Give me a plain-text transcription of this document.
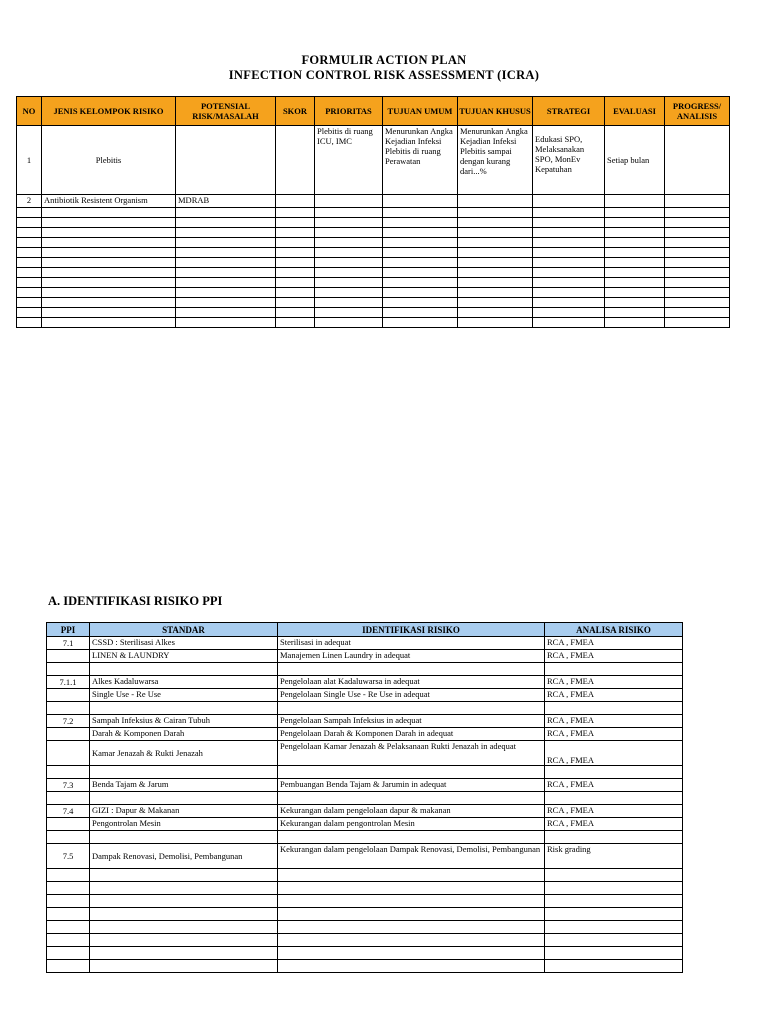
FORMULIR ACTION PLAN
INFECTION CONTROL RISK ASSESSMENT (ICRA)
NO	JENIS KELOMPOK RISIKO	POTENSIAL RISK/MASALAH	SKOR	PRIORITAS	TUJUAN UMUM	TUJUAN KHUSUS	STRATEGI	EVALUASI	PROGRESS/ ANALISIS
1	Plebitis			Plebitis di ruang ICU, IMC	Menurunkan Angka Kejadian Infeksi Plebitis di ruang Perawatan	Menurunkan Angka Kejadian Infeksi Plebitis sampai dengan kurang dari...%	Edukasi SPO, Melaksanakan SPO, MonEv Kepatuhan	Setiap bulan	
2	Antibiotik Resistent Organism	MDRAB							

A. IDENTIFIKASI RISIKO PPI
PPI	STANDAR	IDENTIFIKASI RISIKO	ANALISA RISIKO
7.1	CSSD : Sterilisasi Alkes	Sterilisasi in adequat	RCA , FMEA
	LINEN & LAUNDRY	Manajemen Linen Laundry in adequat	RCA , FMEA

7.1.1	Alkes Kadaluwarsa	Pengelolaan alat Kadaluwarsa in adequat	RCA , FMEA
	Single Use - Re Use	Pengelolaan Single Use - Re Use in adequat	RCA , FMEA

7.2	Sampah Infeksius & Cairan Tubuh	Pengelolaan Sampah Infeksius in adequat	RCA , FMEA
	Darah & Komponen Darah	Pengelolaan Darah & Komponen Darah in adequat	RCA , FMEA
	Kamar Jenazah & Rukti Jenazah	Pengelolaan Kamar Jenazah & Pelaksanaan Rukti Jenazah in adequat	RCA , FMEA

7.3	Benda Tajam & Jarum	Pembuangan Benda Tajam & Jarumin in adequat	RCA , FMEA

7.4	GIZI : Dapur & Makanan	Kekurangan dalam pengelolaan dapur & makanan	RCA , FMEA
	Pengontrolan Mesin	Kekurangan dalam pengontrolan Mesin	RCA , FMEA

7.5	Dampak Renovasi, Demolisi, Pembangunan	Kekurangan dalam pengelolaan Dampak Renovasi, Demolisi, Pembangunan	Risk grading
